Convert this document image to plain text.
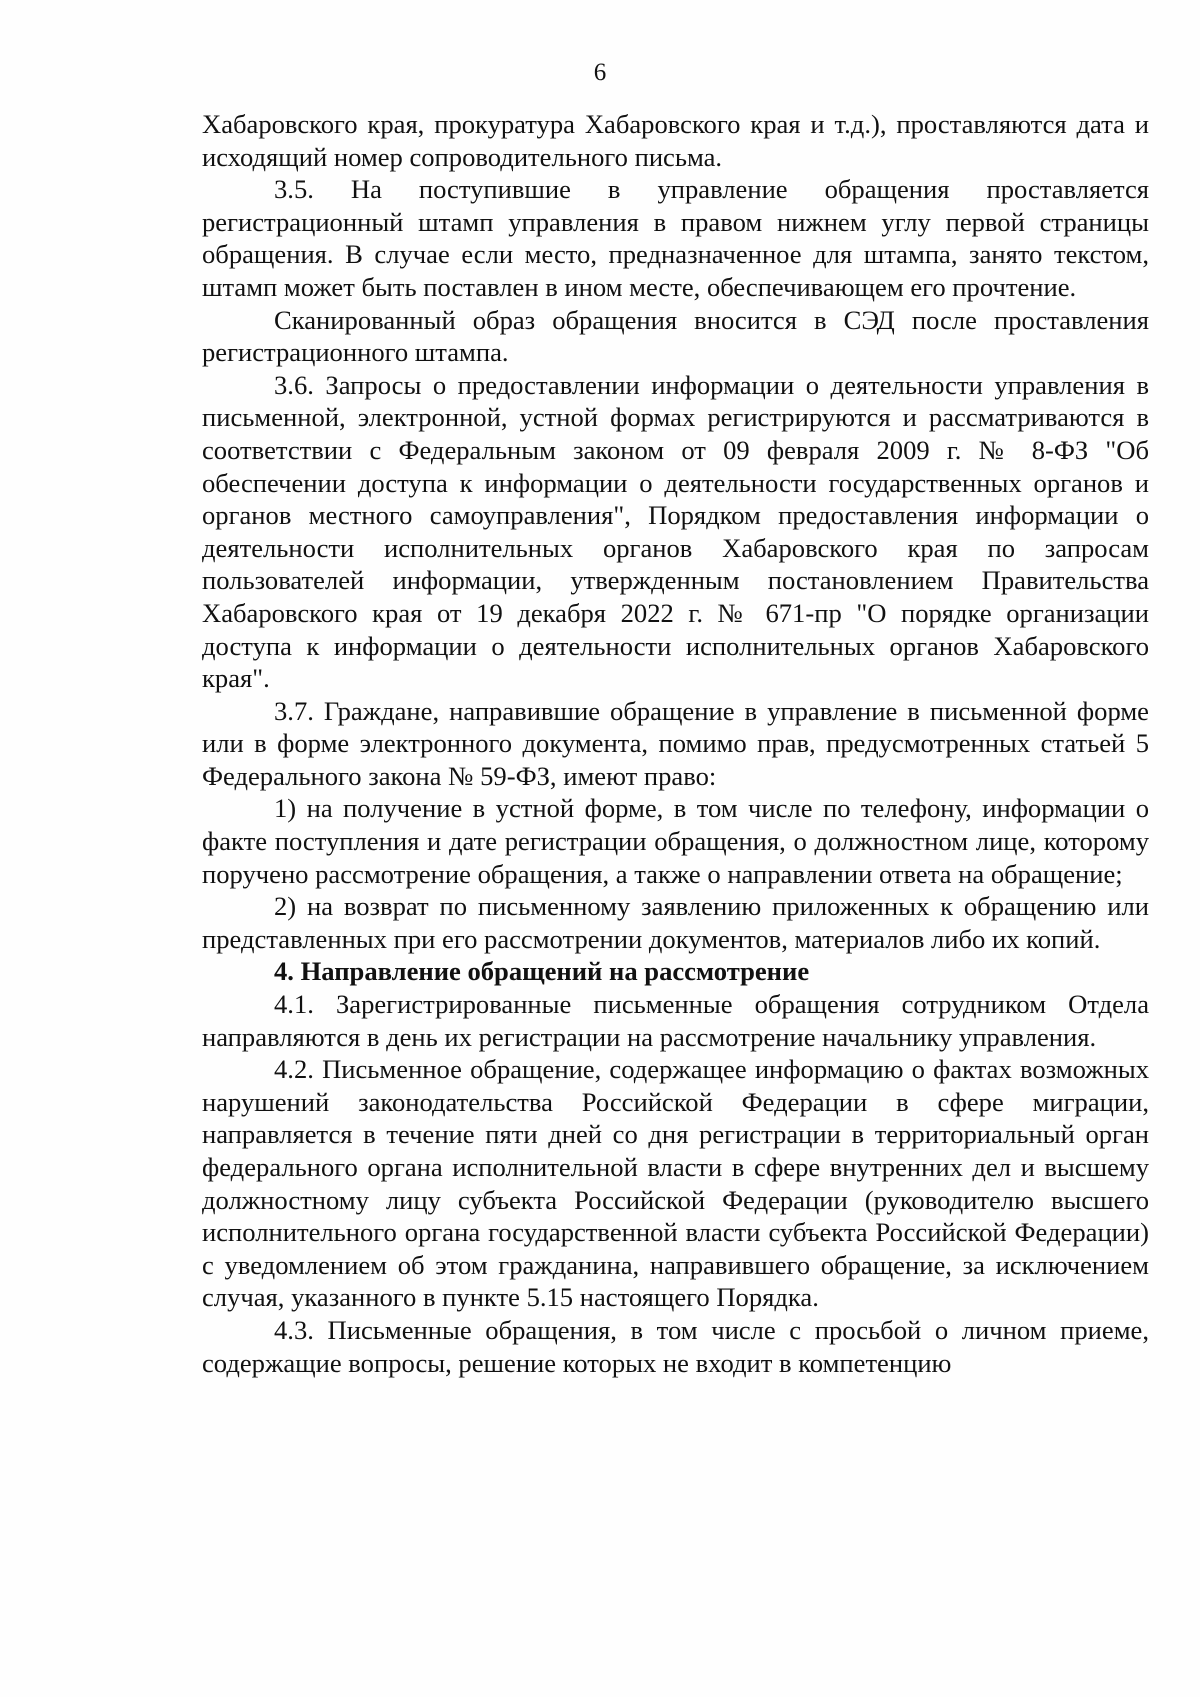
6

Хабаровского края, прокуратура Хабаровского края и т.д.), проставляются дата и исходящий номер сопроводительного письма.

3.5. На поступившие в управление обращения проставляется регистрационный штамп управления в правом нижнем углу первой страницы обращения. В случае если место, предназначенное для штампа, занято текстом, штамп может быть поставлен в ином месте, обеспечивающем его прочтение.

Сканированный образ обращения вносится в СЭД после проставления регистрационного штампа.

3.6. Запросы о предоставлении информации о деятельности управления в письменной, электронной, устной формах регистрируются и рассматриваются в соответствии с Федеральным законом от 09 февраля 2009 г. № 8-ФЗ "Об обеспечении доступа к информации о деятельности государственных органов и органов местного самоуправления", Порядком предоставления информации о деятельности исполнительных органов Хабаровского края по запросам пользователей информации, утвержденным постановлением Правительства Хабаровского края от 19 декабря 2022 г. № 671-пр "О порядке организации доступа к информации о деятельности исполнительных органов Хабаровского края".

3.7. Граждане, направившие обращение в управление в письменной форме или в форме электронного документа, помимо прав, предусмотренных статьей 5 Федерального закона № 59-ФЗ, имеют право:

1) на получение в устной форме, в том числе по телефону, информации о факте поступления и дате регистрации обращения, о должностном лице, которому поручено рассмотрение обращения, а также о направлении ответа на обращение;

2) на возврат по письменному заявлению приложенных к обращению или представленных при его рассмотрении документов, материалов либо их копий.

4. Направление обращений на рассмотрение

4.1. Зарегистрированные письменные обращения сотрудником Отдела направляются в день их регистрации на рассмотрение начальнику управления.

4.2. Письменное обращение, содержащее информацию о фактах возможных нарушений законодательства Российской Федерации в сфере миграции, направляется в течение пяти дней со дня регистрации в территориальный орган федерального органа исполнительной власти в сфере внутренних дел и высшему должностному лицу субъекта Российской Федерации (руководителю высшего исполнительного органа государственной власти субъекта Российской Федерации) с уведомлением об этом гражданина, направившего обращение, за исключением случая, указанного в пункте 5.15 настоящего Порядка.

4.3. Письменные обращения, в том числе с просьбой о личном приеме, содержащие вопросы, решение которых не входит в компетенцию
